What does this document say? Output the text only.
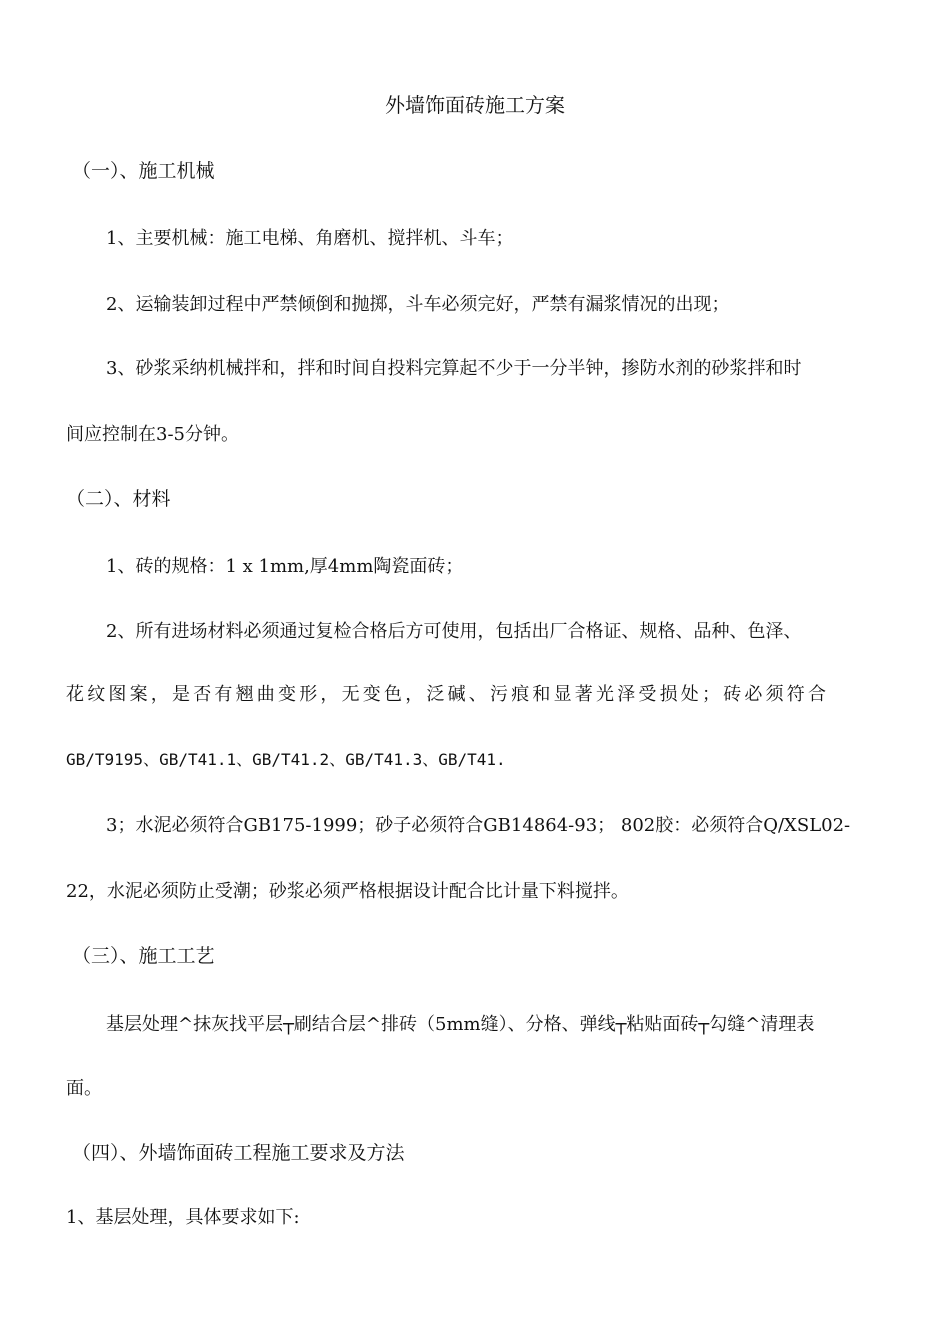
外墙饰面砖施工方案
（一）、施工机械
1、主要机械：施工电梯、角磨机、搅拌机、斗车；
2、运输装卸过程中严禁倾倒和抛掷，斗车必须完好，严禁有漏浆情况的出现；
3、砂浆采纳机械拌和，拌和时间自投料完算起不少于一分半钟，掺防水剂的砂浆拌和时
间应控制在3-5分钟。
（二）、材料
1、砖的规格：1 x 1mm,厚4mm陶瓷面砖；
2、所有进场材料必须通过复检合格后方可使用，包括出厂合格证、规格、品种、色泽、
花纹图案，是否有翘曲变形，无变色，泛碱、污痕和显著光泽受损处；砖必须符合
GB/T9195、GB/T41.1、GB/T41.2、GB/T41.3、GB/T41.
3；水泥必须符合GB175-1999；砂子必须符合GB14864-93； 802胶：必须符合Q/XSL02-
22，水泥必须防止受潮；砂浆必须严格根据设计配合比计量下料搅拌。
（三）、施工工艺
基层处理^抹灰找平层┬刷结合层^排砖（5mm缝）、分格、弹线┬粘贴面砖┬勾缝^清理表
面。
（四）、外墙饰面砖工程施工要求及方法
1、基层处理，具体要求如下:
